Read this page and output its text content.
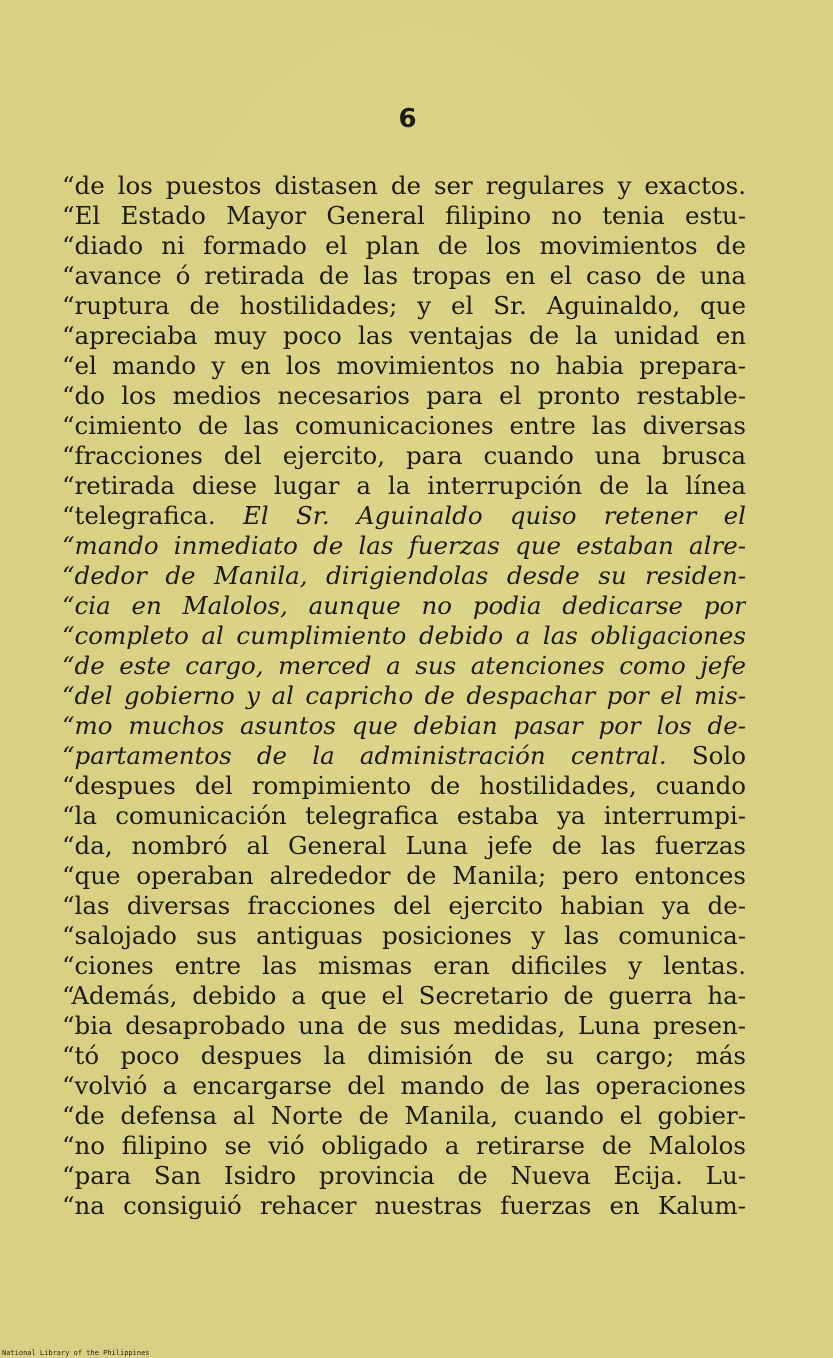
6
“de los puestos distasen de ser regulares y exactos.
“El Estado Mayor General filipino no tenia estu-
“diado ni formado el plan de los movimientos de
“avance ó retirada de las tropas en el caso de una
“ruptura de hostilidades; y el Sr. Aguinaldo, que
“apreciaba muy poco las ventajas de la unidad en
“el mando y en los movimientos no habia prepara-
“do los medios necesarios para el pronto restable-
“cimiento de las comunicaciones entre las diversas
“fracciones del ejercito, para cuando una brusca
“retirada diese lugar a la interrupción de la línea
“telegrafica. El Sr. Aguinaldo quiso retener el
“mando inmediato de las fuerzas que estaban alre-
“dedor de Manila, dirigiendolas desde su residen-
“cia en Malolos, aunque no podia dedicarse por
“completo al cumplimiento debido a las obligaciones
“de este cargo, merced a sus atenciones como jefe
“del gobierno y al capricho de despachar por el mis-
“mo muchos asuntos que debian pasar por los de-
“partamentos de la administración central. Solo
“despues del rompimiento de hostilidades, cuando
“la comunicación telegrafica estaba ya interrumpi-
“da, nombró al General Luna jefe de las fuerzas
“que operaban alrededor de Manila; pero entonces
“las diversas fracciones del ejercito habian ya de-
“salojado sus antiguas posiciones y las comunica-
“ciones entre las mismas eran dificiles y lentas.
“Además, debido a que el Secretario de guerra ha-
“bia desaprobado una de sus medidas, Luna presen-
“tó poco despues la dimisión de su cargo; más
“volvió a encargarse del mando de las operaciones
“de defensa al Norte de Manila, cuando el gobier-
“no filipino se vió obligado a retirarse de Malolos
“para San Isidro provincia de Nueva Ecija. Lu-
“na consiguió rehacer nuestras fuerzas en Kalum-
National Library of the Philippines
